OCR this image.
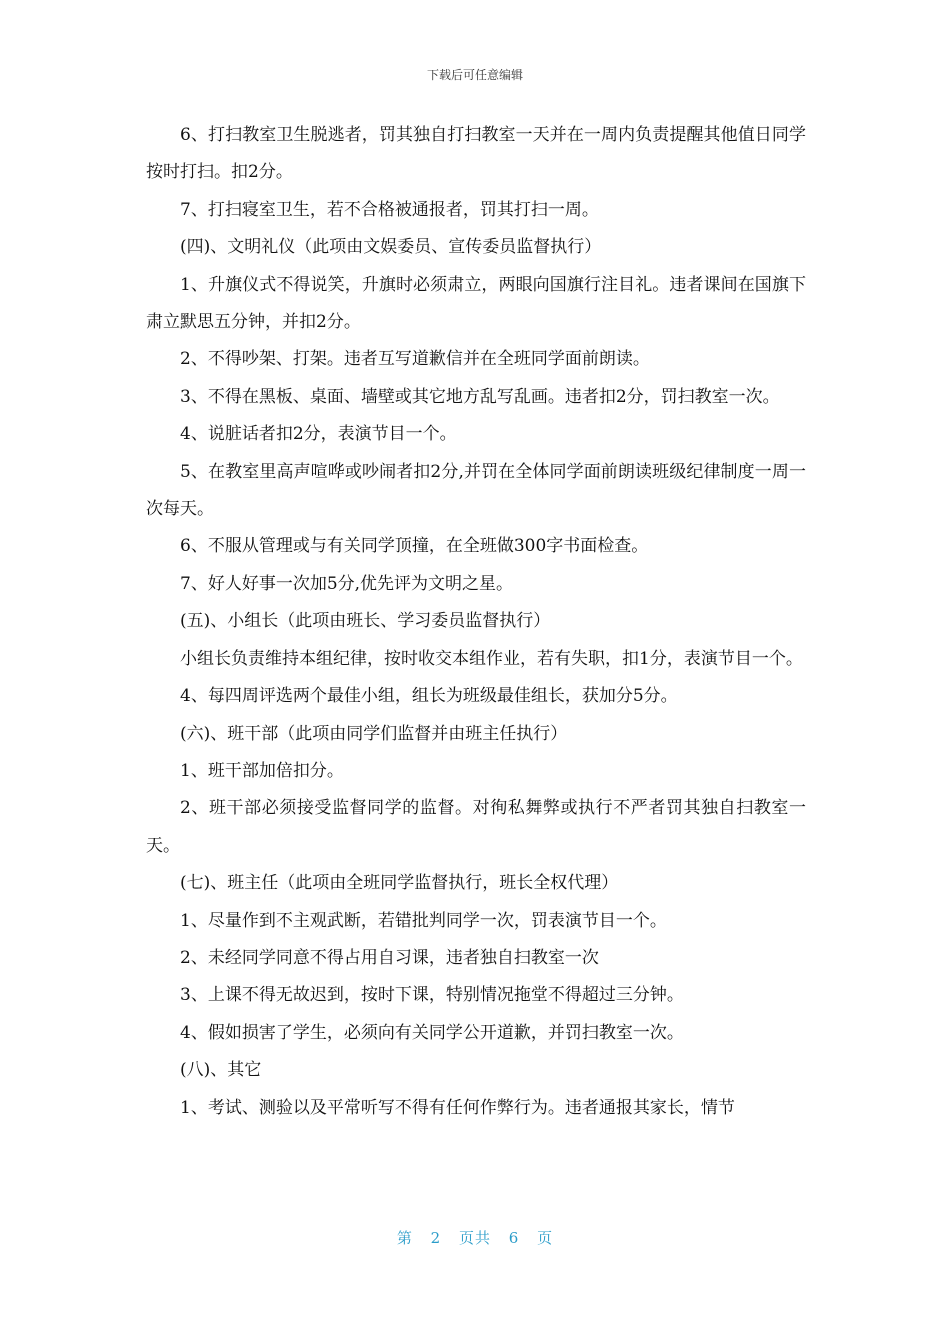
下载后可任意编辑

6、打扫教室卫生脱逃者，罚其独自打扫教室一天并在一周内负责提醒其他值日同学按时打扫。扣2分。

7、打扫寝室卫生，若不合格被通报者，罚其打扫一周。

(四)、文明礼仪（此项由文娱委员、宣传委员监督执行）

1、升旗仪式不得说笑，升旗时必须肃立，两眼向国旗行注目礼。违者课间在国旗下肃立默思五分钟，并扣2分。

2、不得吵架、打架。违者互写道歉信并在全班同学面前朗读。

3、不得在黑板、桌面、墙壁或其它地方乱写乱画。违者扣2分，罚扫教室一次。

4、说脏话者扣2分，表演节目一个。

5、在教室里高声喧哗或吵闹者扣2分,并罚在全体同学面前朗读班级纪律制度一周一次每天。

6、不服从管理或与有关同学顶撞，在全班做300字书面检查。

7、好人好事一次加5分,优先评为文明之星。

(五)、小组长（此项由班长、学习委员监督执行）

小组长负责维持本组纪律，按时收交本组作业，若有失职，扣1分，表演节目一个。

4、每四周评选两个最佳小组，组长为班级最佳组长，获加分5分。

(六)、班干部（此项由同学们监督并由班主任执行）

1、班干部加倍扣分。

2、班干部必须接受监督同学的监督。对徇私舞弊或执行不严者罚其独自扫教室一天。

(七)、班主任（此项由全班同学监督执行，班长全权代理）

1、尽量作到不主观武断，若错批判同学一次，罚表演节目一个。

2、未经同学同意不得占用自习课，违者独自扫教室一次

3、上课不得无故迟到，按时下课，特别情况拖堂不得超过三分钟。

4、假如损害了学生，必须向有关同学公开道歉，并罚扫教室一次。

(八)、其它

1、考试、测验以及平常听写不得有任何作弊行为。违者通报其家长，情节

第 2 页共 6 页
